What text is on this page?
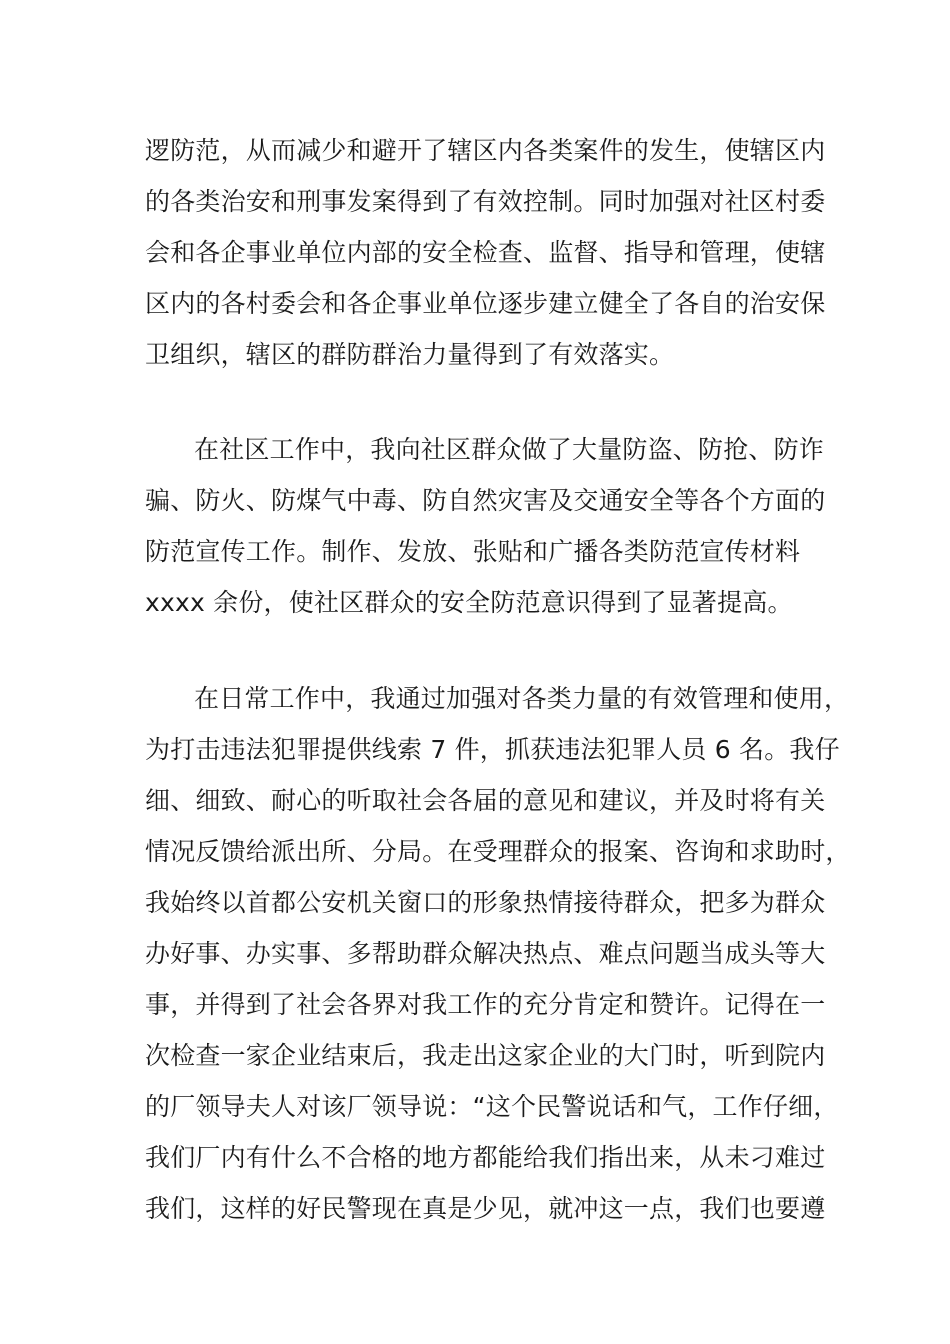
逻防范，从而减少和避开了辖区内各类案件的发生，使辖区内
的各类治安和刑事发案得到了有效控制。同时加强对社区村委
会和各企事业单位内部的安全检查、监督、指导和管理，使辖
区内的各村委会和各企事业单位逐步建立健全了各自的治安保
卫组织，辖区的群防群治力量得到了有效落实。
在社区工作中，我向社区群众做了大量防盗、防抢、防诈
骗、防火、防煤气中毒、防自然灾害及交通安全等各个方面的
防范宣传工作。制作、发放、张贴和广播各类防范宣传材料
xxxx 余份，使社区群众的安全防范意识得到了显著提高。
在日常工作中，我通过加强对各类力量的有效管理和使用，
为打击违法犯罪提供线索 7 件，抓获违法犯罪人员 6 名。我仔
细、细致、耐心的听取社会各届的意见和建议，并及时将有关
情况反馈给派出所、分局。在受理群众的报案、咨询和求助时，
我始终以首都公安机关窗口的形象热情接待群众，把多为群众
办好事、办实事、多帮助群众解决热点、难点问题当成头等大
事，并得到了社会各界对我工作的充分肯定和赞许。记得在一
次检查一家企业结束后，我走出这家企业的大门时，听到院内
的厂领导夫人对该厂领导说：“这个民警说话和气，工作仔细，
我们厂内有什么不合格的地方都能给我们指出来，从未刁难过
我们，这样的好民警现在真是少见，就冲这一点，我们也要遵
